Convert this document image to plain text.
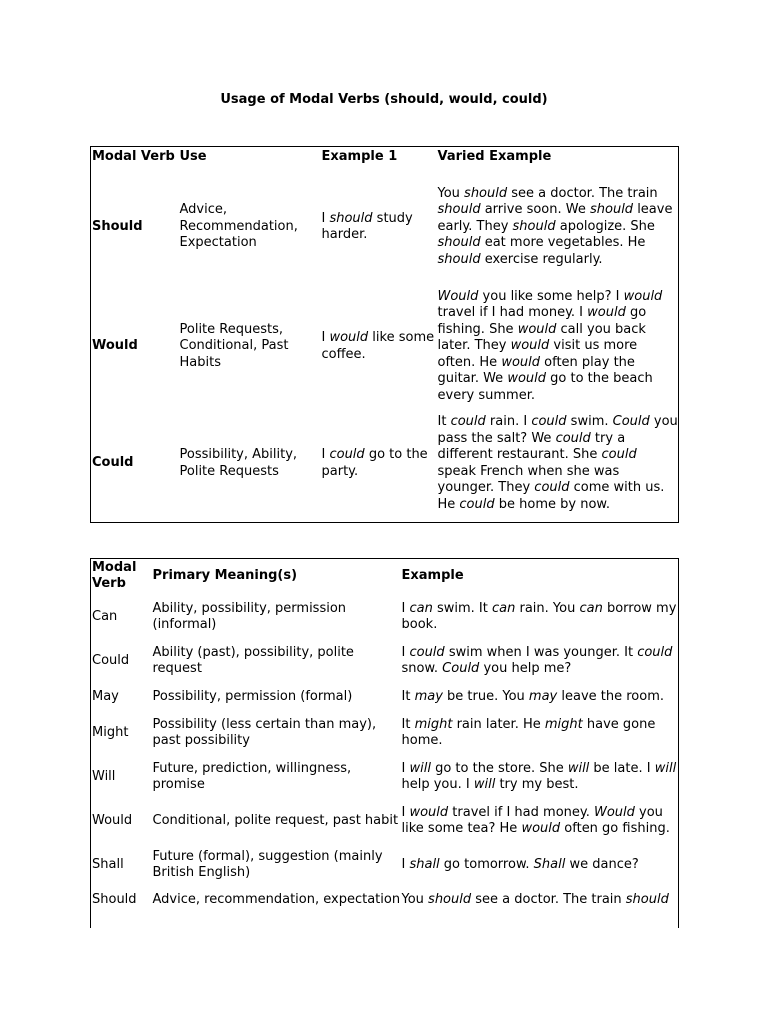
Usage of Modal Verbs (should, would, could)
Modal Verb	Use	Example 1	Varied Example
Should	Advice, Recommendation, Expectation	I should study harder.	You should see a doctor. The train should arrive soon. We should leave early. They should apologize. She should eat more vegetables. He should exercise regularly.
Would	Polite Requests, Conditional, Past Habits	I would like some coffee.	Would you like some help? I would travel if I had money. I would go fishing. She would call you back later. They would visit us more often. He would often play the guitar. We would go to the beach every summer.
Could	Possibility, Ability, Polite Requests	I could go to the party.	It could rain. I could swim. Could you pass the salt? We could try a different restaurant. She could speak French when she was younger. They could come with us. He could be home by now.
Modal Verb	Primary Meaning(s)	Example
Can	Ability, possibility, permission (informal)	I can swim. It can rain. You can borrow my book.
Could	Ability (past), possibility, polite request	I could swim when I was younger. It could snow. Could you help me?
May	Possibility, permission (formal)	It may be true. You may leave the room.
Might	Possibility (less certain than may), past possibility	It might rain later. He might have gone home.
Will	Future, prediction, willingness, promise	I will go to the store. She will be late. I will help you. I will try my best.
Would	Conditional, polite request, past habit	I would travel if I had money. Would you like some tea? He would often go fishing.
Shall	Future (formal), suggestion (mainly British English)	I shall go tomorrow. Shall we dance?
Should	Advice, recommendation, expectation	You should see a doctor. The train should
